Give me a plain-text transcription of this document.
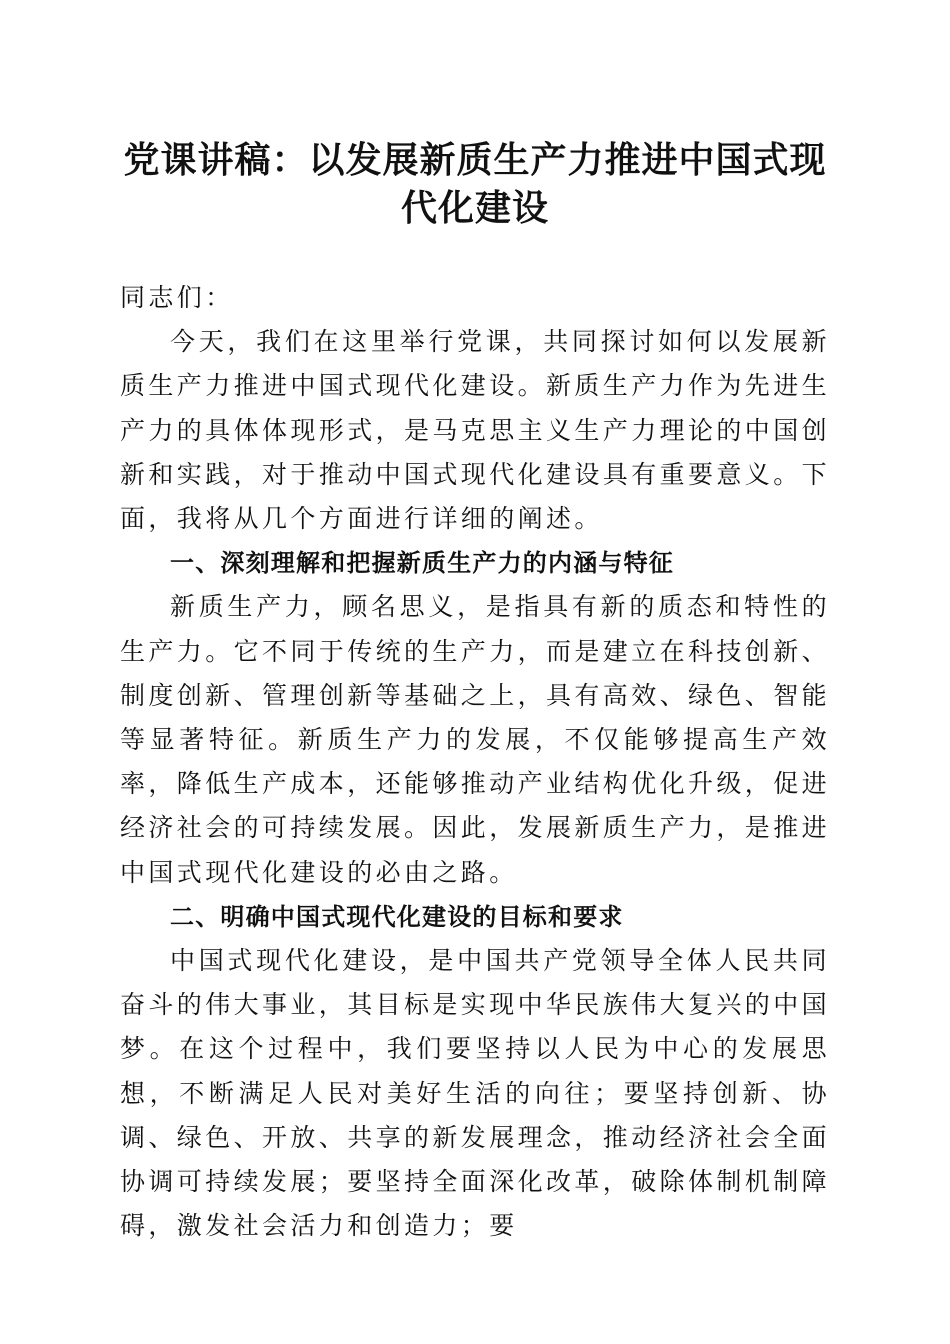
党课讲稿：以发展新质生产力推进中国式现代化建设

同志们：

今天，我们在这里举行党课，共同探讨如何以发展新质生产力推进中国式现代化建设。新质生产力作为先进生产力的具体体现形式，是马克思主义生产力理论的中国创新和实践，对于推动中国式现代化建设具有重要意义。下面，我将从几个方面进行详细的阐述。

一、深刻理解和把握新质生产力的内涵与特征

新质生产力，顾名思义，是指具有新的质态和特性的生产力。它不同于传统的生产力，而是建立在科技创新、制度创新、管理创新等基础之上，具有高效、绿色、智能等显著特征。新质生产力的发展，不仅能够提高生产效率，降低生产成本，还能够推动产业结构优化升级，促进经济社会的可持续发展。因此，发展新质生产力，是推进中国式现代化建设的必由之路。

二、明确中国式现代化建设的目标和要求

中国式现代化建设，是中国共产党领导全体人民共同奋斗的伟大事业，其目标是实现中华民族伟大复兴的中国梦。在这个过程中，我们要坚持以人民为中心的发展思想，不断满足人民对美好生活的向往；要坚持创新、协调、绿色、开放、共享的新发展理念，推动经济社会全面协调可持续发展；要坚持全面深化改革，破除体制机制障碍，激发社会活力和创造力；要
